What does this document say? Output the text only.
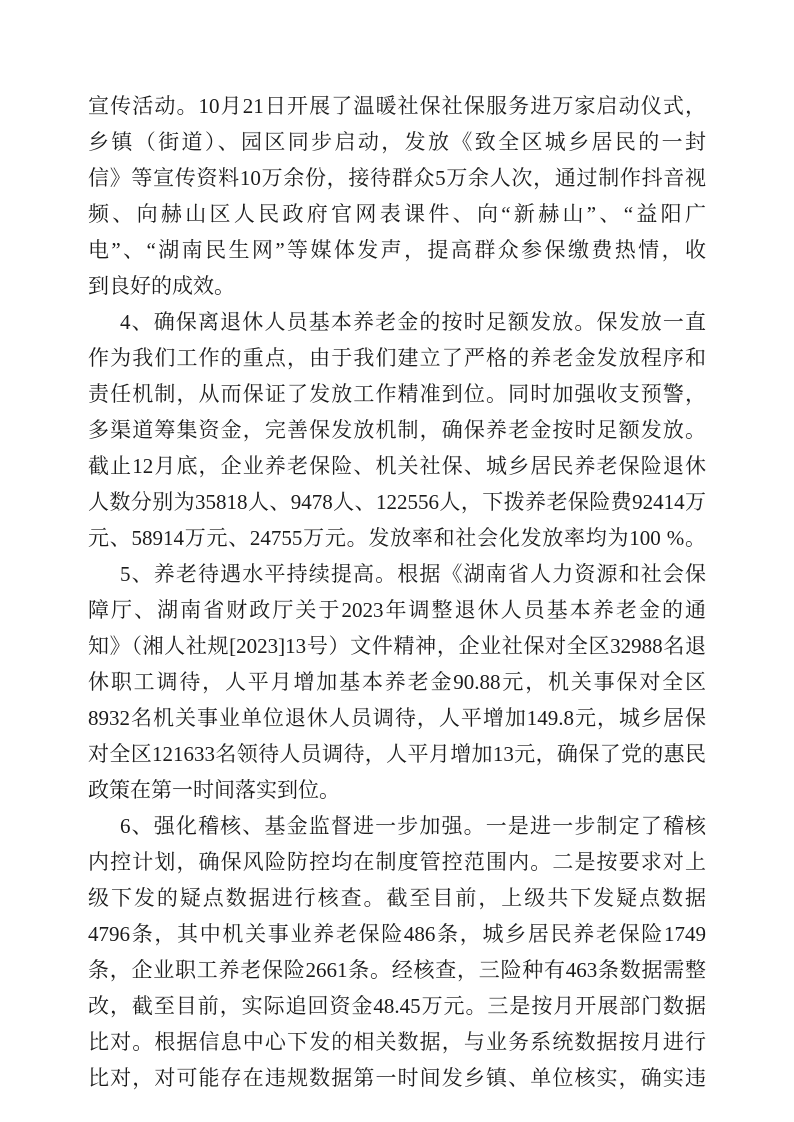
宣传活动。10月21日开展了温暖社保社保服务进万家启动仪式，
乡镇（街道）、园区同步启动，发放《致全区城乡居民的一封
信》等宣传资料10万余份，接待群众5万余人次，通过制作抖音视
频、向赫山区人民政府官网表课件、向“新赫山”、“益阳广
电”、“湖南民生网”等媒体发声，提高群众参保缴费热情，收
到良好的成效。
4、确保离退休人员基本养老金的按时足额发放。保发放一直
作为我们工作的重点，由于我们建立了严格的养老金发放程序和
责任机制，从而保证了发放工作精准到位。同时加强收支预警，
多渠道筹集资金，完善保发放机制，确保养老金按时足额发放。
截止12月底，企业养老保险、机关社保、城乡居民养老保险退休
人数分别为35818人、9478人、122556人，下拨养老保险费92414万
元、58914万元、24755万元。发放率和社会化发放率均为100 %。
5、养老待遇水平持续提高。根据《湖南省人力资源和社会保
障厅、湖南省财政厅关于2023年调整退休人员基本养老金的通
知》（湘人社规[2023]13号）文件精神，企业社保对全区32988名退
休职工调待，人平月增加基本养老金90.88元，机关事保对全区
8932名机关事业单位退休人员调待，人平增加149.8元，城乡居保
对全区121633名领待人员调待，人平月增加13元，确保了党的惠民
政策在第一时间落实到位。
6、强化稽核、基金监督进一步加强。一是进一步制定了稽核
内控计划，确保风险防控均在制度管控范围内。二是按要求对上
级下发的疑点数据进行核查。截至目前，上级共下发疑点数据
4796条，其中机关事业养老保险486条，城乡居民养老保险1749
条，企业职工养老保险2661条。经核查，三险种有463条数据需整
改，截至目前，实际追回资金48.45万元。三是按月开展部门数据
比对。根据信息中心下发的相关数据，与业务系统数据按月进行
比对，对可能存在违规数据第一时间发乡镇、单位核实，确实违
